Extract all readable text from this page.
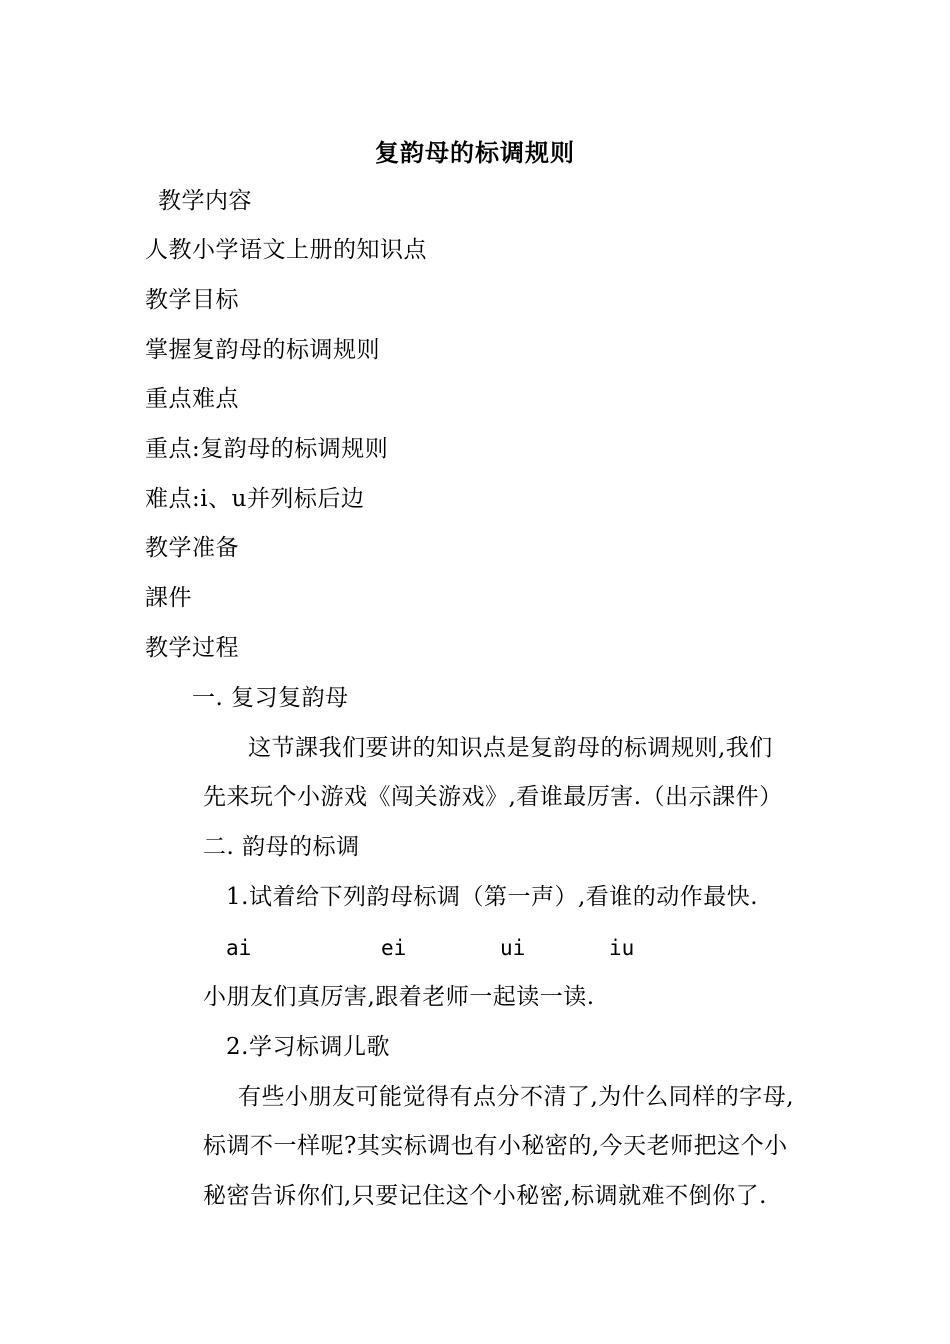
复韵母的标调规则
教学内容
人教小学语文上册的知识点
教学目标
掌握复韵母的标调规则
重点难点
重点:复韵母的标调规则
难点:i、u并列标后边
教学准备
課件
教学过程
一. 复习复韵母
这节課我们要讲的知识点是复韵母的标调规则,我们
先来玩个小游戏《闯关游戏》,看谁最厉害.（出示課件）
二. 韵母的标调
1.试着给下列韵母标调（第一声）,看谁的动作最快.
ai	ei	ui	iu
小朋友们真厉害,跟着老师一起读一读.
2.学习标调儿歌
有些小朋友可能觉得有点分不清了,为什么同样的字母,
标调不一样呢?其实标调也有小秘密的,今天老师把这个小
秘密告诉你们,只要记住这个小秘密,标调就难不倒你了.
